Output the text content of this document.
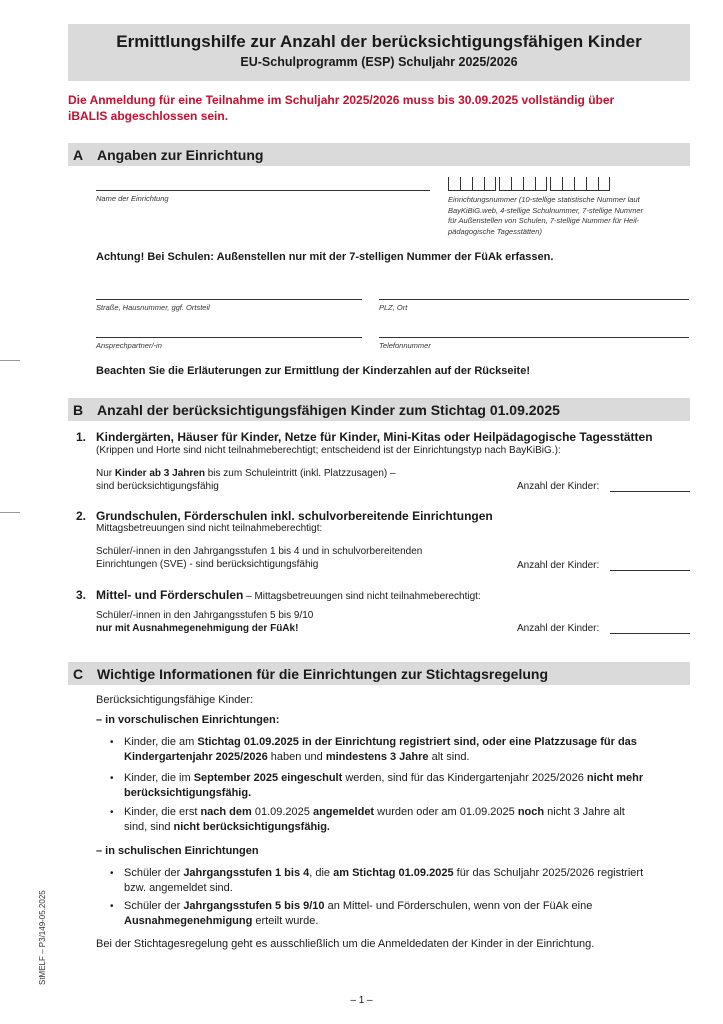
Ermittlungshilfe zur Anzahl der berücksichtigungsfähigen Kinder
EU-Schulprogramm (ESP) Schuljahr 2025/2026
Die Anmeldung für eine Teilnahme im Schuljahr 2025/2026 muss bis 30.09.2025 vollständig über
iBALIS abgeschlossen sein.
A Angaben zur Einrichtung
Name der Einrichtung	Einrichtungsnummer (10-stellige statistische Nummer laut
BayKiBiG.web, 4-stellige Schulnummer, 7-stellige Nummer
für Außenstellen von Schulen, 7-stellige Nummer für Heil-
pädagogische Tagesstätten)
Achtung! Bei Schulen: Außenstellen nur mit der 7-stelligen Nummer der FüAk erfassen.
Straße, Hausnummer, ggf. Ortsteil	PLZ, Ort
Ansprechpartner/-in	Telefonnummer
Beachten Sie die Erläuterungen zur Ermittlung der Kinderzahlen auf der Rückseite!
B Anzahl der berücksichtigungsfähigen Kinder zum Stichtag 01.09.2025
1. Kindergärten, Häuser für Kinder, Netze für Kinder, Mini-Kitas oder Heilpädagogische Tagesstätten
(Krippen und Horte sind nicht teilnahmeberechtigt; entscheidend ist der Einrichtungstyp nach BayKiBiG.):
Nur Kinder ab 3 Jahren bis zum Schuleintritt (inkl. Platzzusagen) –
sind berücksichtigungsfähig	Anzahl der Kinder:
2. Grundschulen, Förderschulen inkl. schulvorbereitende Einrichtungen
Mittagsbetreuungen sind nicht teilnahmeberechtigt:
Schüler/-innen in den Jahrgangsstufen 1 bis 4 und in schulvorbereitenden
Einrichtungen (SVE) - sind berücksichtigungsfähig	Anzahl der Kinder:
3. Mittel- und Förderschulen – Mittagsbetreuungen sind nicht teilnahmeberechtigt:
Schüler/-innen in den Jahrgangsstufen 5 bis 9/10
nur mit Ausnahmegenehmigung der FüAk!	Anzahl der Kinder:
C Wichtige Informationen für die Einrichtungen zur Stichtagsregelung
Berücksichtigungsfähige Kinder:
– in vorschulischen Einrichtungen:
• Kinder, die am Stichtag 01.09.2025 in der Einrichtung registriert sind, oder eine Platzzusage für das
Kindergartenjahr 2025/2026 haben und mindestens 3 Jahre alt sind.
• Kinder, die im September 2025 eingeschult werden, sind für das Kindergartenjahr 2025/2026 nicht mehr
berücksichtigungsfähig.
• Kinder, die erst nach dem 01.09.2025 angemeldet wurden oder am 01.09.2025 noch nicht 3 Jahre alt
sind, sind nicht berücksichtigungsfähig.
– in schulischen Einrichtungen
• Schüler der Jahrgangsstufen 1 bis 4, die am Stichtag 01.09.2025 für das Schuljahr 2025/2026 registriert
bzw. angemeldet sind.
• Schüler der Jahrgangsstufen 5 bis 9/10 an Mittel- und Förderschulen, wenn von der FüAk eine
Ausnahmegenehmigung erteilt wurde.
Bei der Stichtagesregelung geht es ausschließlich um die Anmeldedaten der Kinder in der Einrichtung.
– 1 –
StMELF – P3/149-05.2025
